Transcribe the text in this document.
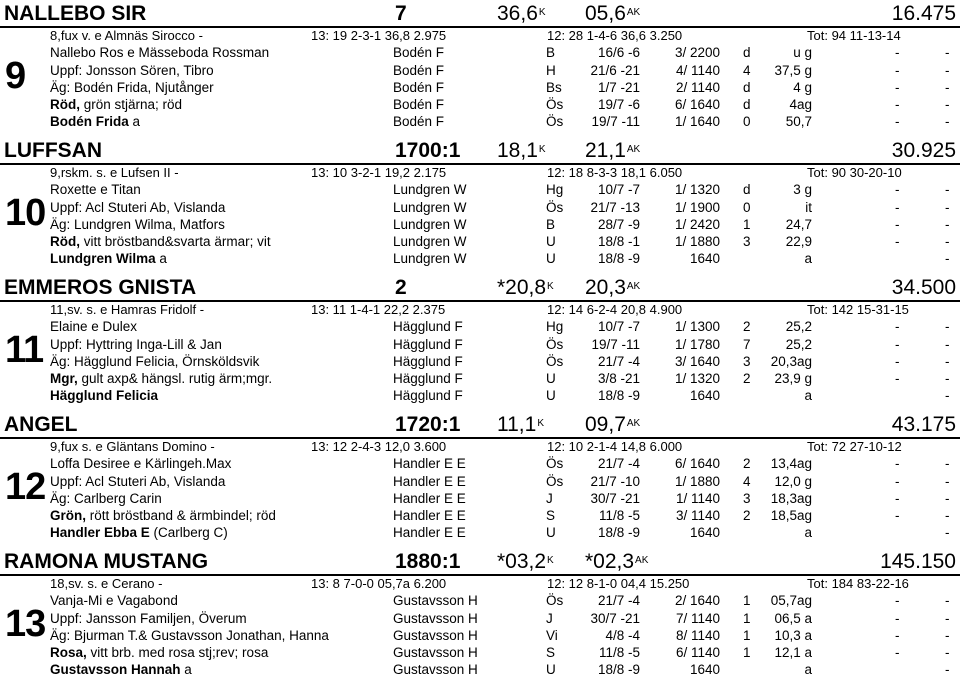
NALLEBO SIR	7	$36,6^K$ $05,6^{AK}$	16.475
8,fux v. e Almnäs Sirocco -	13: 19 2-3-1 36,8 2.975	12: 28 1-4-6 36,6 3.250	Tot: 94 11-13-14
9
Nallebo Ros e Mässeboda Rossman	Bodén F	B	16/6 -6	3/ 2200 d	u g	-	-
Uppf: Jonsson Sören, Tibro	Bodén F	H	21/6 -21	4/ 1140 4	37,5 g	-	-
Äg: Bodén Frida, Njutånger	Bodén F	Bs	1/7 -21	2/ 1140 d	4 g	-	-
Röd, grön stjärna; röd	Bodén F	Ös	19/7 -6	6/ 1640 d	4ag	-	-
Bodén Frida a	Bodén F	Ös	19/7 -11	1/ 1640 0	50,7	-	-
LUFFSAN	1700:1 $18,1^K$ $21,1^{AK}$	30.925
9,rskm. s. e Lufsen II -	13: 10 3-2-1 19,2 2.175	12: 18 8-3-3 18,1 6.050	Tot: 90 30-20-10
10
Roxette e Titan	Lundgren W	Hg	10/7 -7	1/ 1320 d	3 g	-	-
Uppf: Acl Stuteri Ab, Vislanda	Lundgren W	Ös	21/7 -13	1/ 1900 0	it	-	-
Äg: Lundgren Wilma, Matfors	Lundgren W	B	28/7 -9	1/ 2420 1	24,7	-	-
Röd, vitt bröstband&svarta ärmar; vit	Lundgren W	U	18/8 -1	1/ 1880 3	22,9	-	-
Lundgren Wilma a	Lundgren W	U	18/8 -9	1640	a	-
EMMEROS GNISTA	2	$*20,8^K$ $20,3^{AK}$	34.500
11,sv. s. e Hamras Fridolf -	13: 11 1-4-1 22,2 2.375	12: 14 6-2-4 20,8 4.900	Tot: 142 15-31-15
11
Elaine e Dulex	Hägglund F	Hg	10/7 -7	1/ 1300 2	25,2	-	-
Uppf: Hyttring Inga-Lill & Jan	Hägglund F	Ös	19/7 -11	1/ 1780 7	25,2	-	-
Äg: Hägglund Felicia, Örnsköldsvik	Hägglund F	Ös	21/7 -4	3/ 1640 3	20,3ag	-	-
Mgr, gult axp& hängsl. rutig ärm;mgr.	Hägglund F	U	3/8 -21	1/ 1320 2	23,9 g	-	-
Hägglund Felicia	Hägglund F	U	18/8 -9	1640	a	-
ANGEL	1720:1 $11,1^K$ $09,7^{AK}$	43.175
9,fux s. e Gläntans Domino -	13: 12 2-4-3 12,0 3.600	12: 10 2-1-4 14,8 6.000	Tot: 72 27-10-12
12
Loffa Desiree e Kärlingeh.Max	Handler E E	Ös	21/7 -4	6/ 1640 2	13,4ag	-	-
Uppf: Acl Stuteri Ab, Vislanda	Handler E E	Ös	21/7 -10	1/ 1880 4	12,0 g	-	-
Äg: Carlberg Carin	Handler E E	J	30/7 -21	1/ 1140 3	18,3ag	-	-
Grön, rött bröstband & ärmbindel; röd	Handler E E	S	11/8 -5	3/ 1140 2	18,5ag	-	-
Handler Ebba E (Carlberg C)	Handler E E	U	18/8 -9	1640	a	-
RAMONA MUSTANG	1880:1 $*03,2^K$ $*02,3^{AK}$	145.150
18,sv. s. e Cerano -	13: 8 7-0-0 05,7a 6.200	12: 12 8-1-0 04,4 15.250	Tot: 184 83-22-16
13
Vanja-Mi e Vagabond	Gustavsson H	Ös	21/7 -4	2/ 1640 1	05,7ag	-	-
Uppf: Jansson Familjen, Överum	Gustavsson H	J	30/7 -21	7/ 1140 1	06,5 a	-	-
Äg: Bjurman T.& Gustavsson Jonathan, Hanna	Gustavsson H	Vi	4/8 -4	8/ 1140 1	10,3 a	-	-
Rosa, vitt brb. med rosa stj;rev; rosa	Gustavsson H	S	11/8 -5	6/ 1140 1	12,1 a	-	-
Gustavsson Hannah a	Gustavsson H	U	18/8 -9	1640	a	-
